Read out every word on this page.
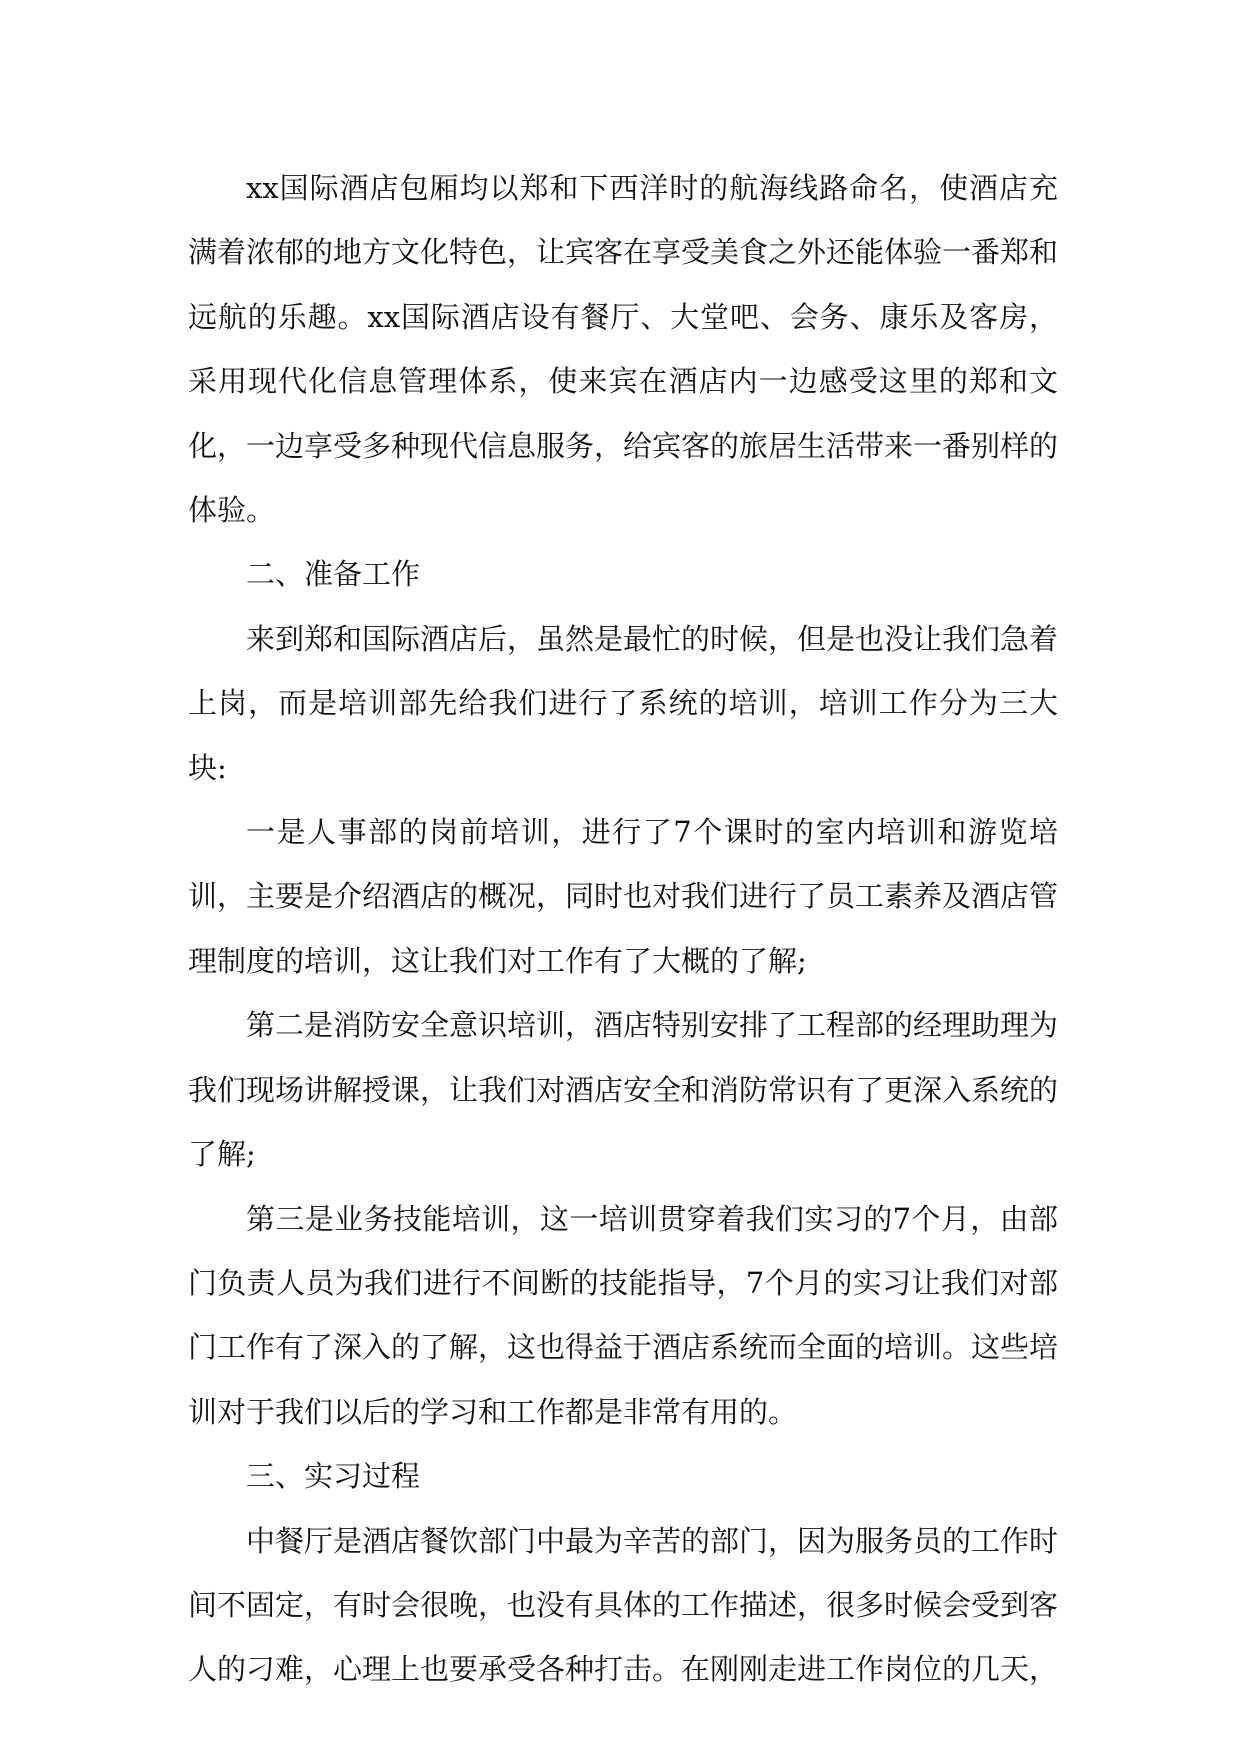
xx国际酒店包厢均以郑和下西洋时的航海线路命名，使酒店充满着浓郁的地方文化特色，让宾客在享受美食之外还能体验一番郑和远航的乐趣。xx国际酒店设有餐厅、大堂吧、会务、康乐及客房，采用现代化信息管理体系，使来宾在酒店内一边感受这里的郑和文化，一边享受多种现代信息服务，给宾客的旅居生活带来一番别样的体验。

二、准备工作

来到郑和国际酒店后，虽然是最忙的时候，但是也没让我们急着上岗，而是培训部先给我们进行了系统的培训，培训工作分为三大块:

一是人事部的岗前培训，进行了7个课时的室内培训和游览培训，主要是介绍酒店的概况，同时也对我们进行了员工素养及酒店管理制度的培训，这让我们对工作有了大概的了解;

第二是消防安全意识培训，酒店特别安排了工程部的经理助理为我们现场讲解授课，让我们对酒店安全和消防常识有了更深入系统的了解;

第三是业务技能培训，这一培训贯穿着我们实习的7个月，由部门负责人员为我们进行不间断的技能指导，7个月的实习让我们对部门工作有了深入的了解，这也得益于酒店系统而全面的培训。这些培训对于我们以后的学习和工作都是非常有用的。

三、实习过程

中餐厅是酒店餐饮部门中最为辛苦的部门，因为服务员的工作时间不固定，有时会很晚，也没有具体的工作描述，很多时候会受到客人的刁难，心理上也要承受各种打击。在刚刚走进工作岗位的几天，
